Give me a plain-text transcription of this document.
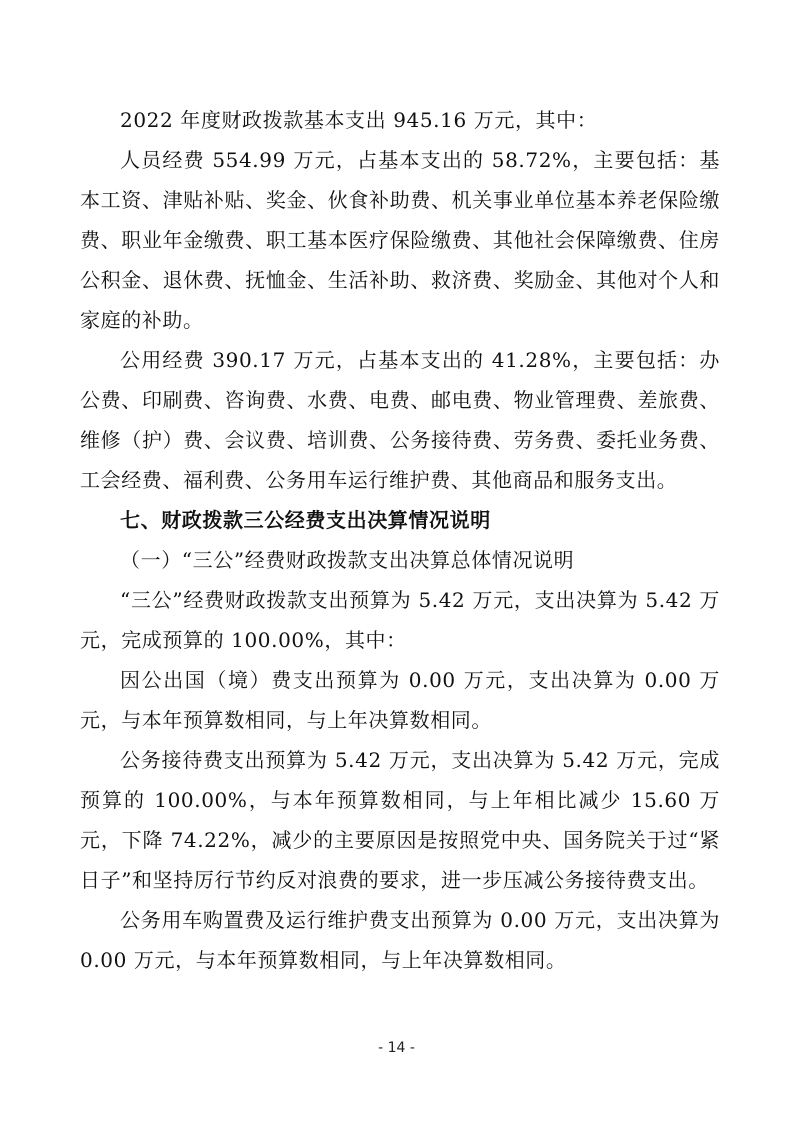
2022 年度财政拨款基本支出 945.16 万元，其中：

人员经费 554.99 万元，占基本支出的 58.72%，主要包括：基本工资、津贴补贴、奖金、伙食补助费、机关事业单位基本养老保险缴费、职业年金缴费、职工基本医疗保险缴费、其他社会保障缴费、住房公积金、退休费、抚恤金、生活补助、救济费、奖励金、其他对个人和家庭的补助。

公用经费 390.17 万元，占基本支出的 41.28%，主要包括：办公费、印刷费、咨询费、水费、电费、邮电费、物业管理费、差旅费、维修（护）费、会议费、培训费、公务接待费、劳务费、委托业务费、工会经费、福利费、公务用车运行维护费、其他商品和服务支出。

七、财政拨款三公经费支出决算情况说明

（一）“三公”经费财政拨款支出决算总体情况说明

“三公”经费财政拨款支出预算为 5.42 万元，支出决算为 5.42 万元，完成预算的 100.00%，其中：

因公出国（境）费支出预算为 0.00 万元，支出决算为 0.00 万元，与本年预算数相同，与上年决算数相同。

公务接待费支出预算为 5.42 万元，支出决算为 5.42 万元，完成预算的 100.00%，与本年预算数相同，与上年相比减少 15.60 万元，下降 74.22%，减少的主要原因是按照党中央、国务院关于过“紧日子”和坚持厉行节约反对浪费的要求，进一步压减公务接待费支出。

公务用车购置费及运行维护费支出预算为 0.00 万元，支出决算为 0.00 万元，与本年预算数相同，与上年决算数相同。

- 14 -
